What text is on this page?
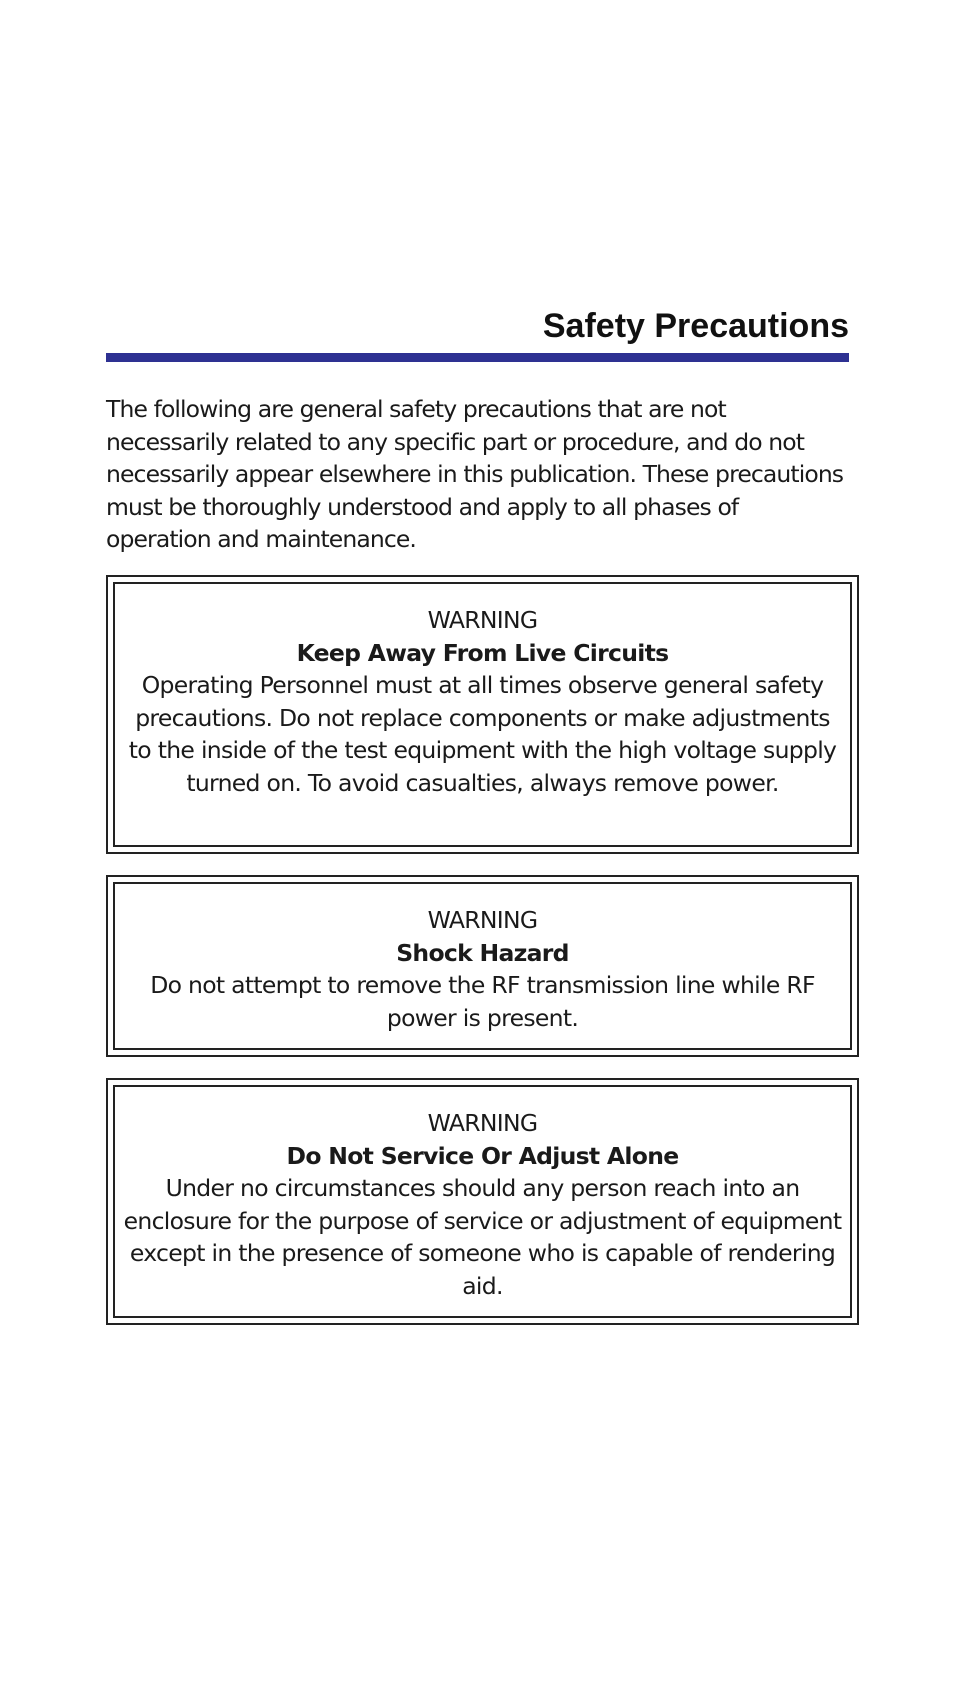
Safety Precautions

The following are general safety precautions that are not necessarily related to any specific part or procedure, and do not necessarily appear elsewhere in this publication. These precautions must be thoroughly understood and apply to all phases of operation and maintenance.

WARNING
Keep Away From Live Circuits
Operating Personnel must at all times observe general safety precautions. Do not replace components or make adjustments to the inside of the test equipment with the high voltage supply turned on. To avoid casualties, always remove power.
WARNING
Shock Hazard
Do not attempt to remove the RF transmission line while RF power is present.
WARNING
Do Not Service Or Adjust Alone
Under no circumstances should any person reach into an enclosure for the purpose of service or adjustment of equipment except in the presence of someone who is capable of rendering aid.
